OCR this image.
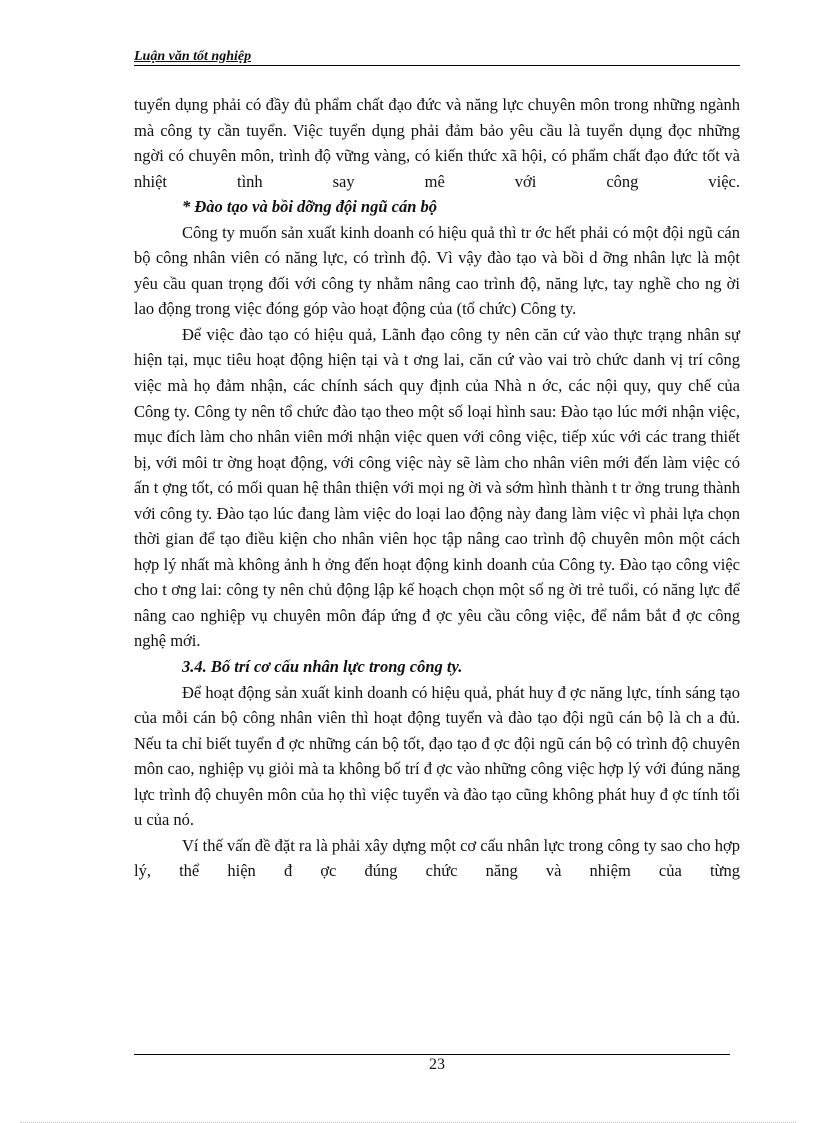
Luận văn tốt nghiệp

tuyển dụng phải có đầy đủ phẩm chất đạo đức và năng lực chuyên môn trong những ngành mà công ty cần tuyển. Việc tuyển dụng phải đảm bảo yêu cầu là tuyển dụng đọc những ngời có chuyên môn, trình độ vững vàng, có kiến thức xã hội, có phẩm chất đạo đức tốt và nhiệt tình say mê với công việc.

* Đào tạo và bồi dỡng đội ngũ cán bộ

Công ty muốn sản xuất kinh doanh có hiệu quả thì tr ớc hết phải có một đội ngũ cán bộ công nhân viên có năng lực, có trình độ. Vì vậy đào tạo và bồi d ỡng nhân lực là một yêu cầu quan trọng đối với công ty nhằm nâng cao trình độ, năng lực, tay nghề cho ng ời lao động trong việc đóng góp vào hoạt động của (tổ chức) Công ty.

Để việc đào tạo có hiệu quả, Lãnh đạo công ty nên căn cứ vào thực trạng nhân sự hiện tại, mục tiêu hoạt động hiện tại và t ơng lai, căn cứ vào vai trò chức danh vị trí công việc mà họ đảm nhận, các chính sách quy định của Nhà n ớc, các nội quy, quy chế của Công ty. Công ty nên tổ chức đào tạo theo một số loại hình sau: Đào tạo lúc mới nhận việc, mục đích làm cho nhân viên mới nhận việc quen với công việc, tiếp xúc với các trang thiết bị, với môi tr ờng hoạt động, với công việc này sẽ làm cho nhân viên mới đến làm việc có ấn t ợng tốt, có mối quan hệ thân thiện với mọi ng ời và sớm hình thành t tr ởng trung thành với công ty. Đào tạo lúc đang làm việc do loại lao động này đang làm việc vì phải lựa chọn thời gian để tạo điều kiện cho nhân viên học tập nâng cao trình độ chuyên môn một cách hợp lý nhất mà không ảnh h ởng đến hoạt động kinh doanh của Công ty. Đào tạo công việc cho t ơng lai: công ty nên chủ động lập kế hoạch chọn một số ng ời trẻ tuổi, có năng lực để nâng cao nghiệp vụ chuyên môn đáp ứng đ ợc yêu cầu công việc, để nắm bắt đ ợc công nghệ mới.

3.4. Bố trí cơ cấu nhân lực trong công ty.

Để hoạt động sản xuất kinh doanh có hiệu quả, phát huy đ ợc năng lực, tính sáng tạo của mỗi cán bộ công nhân viên thì hoạt động tuyển và đào tạo đội ngũ cán bộ là ch a đủ. Nếu ta chỉ biết tuyển đ ợc những cán bộ tốt, đạo tạo đ ợc đội ngũ cán bộ có trình độ chuyên môn cao, nghiệp vụ giỏi mà ta không bố trí đ ợc vào những công việc hợp lý với đúng năng lực trình độ chuyên môn của họ thì việc tuyển và đào tạo cũng không phát huy đ ợc tính tối u của nó.

Ví thế vấn đề đặt ra là phải xây dựng một cơ cấu nhân lực trong công ty sao cho hợp lý, thể hiện đ ợc đúng chức năng và nhiệm của từng

23
